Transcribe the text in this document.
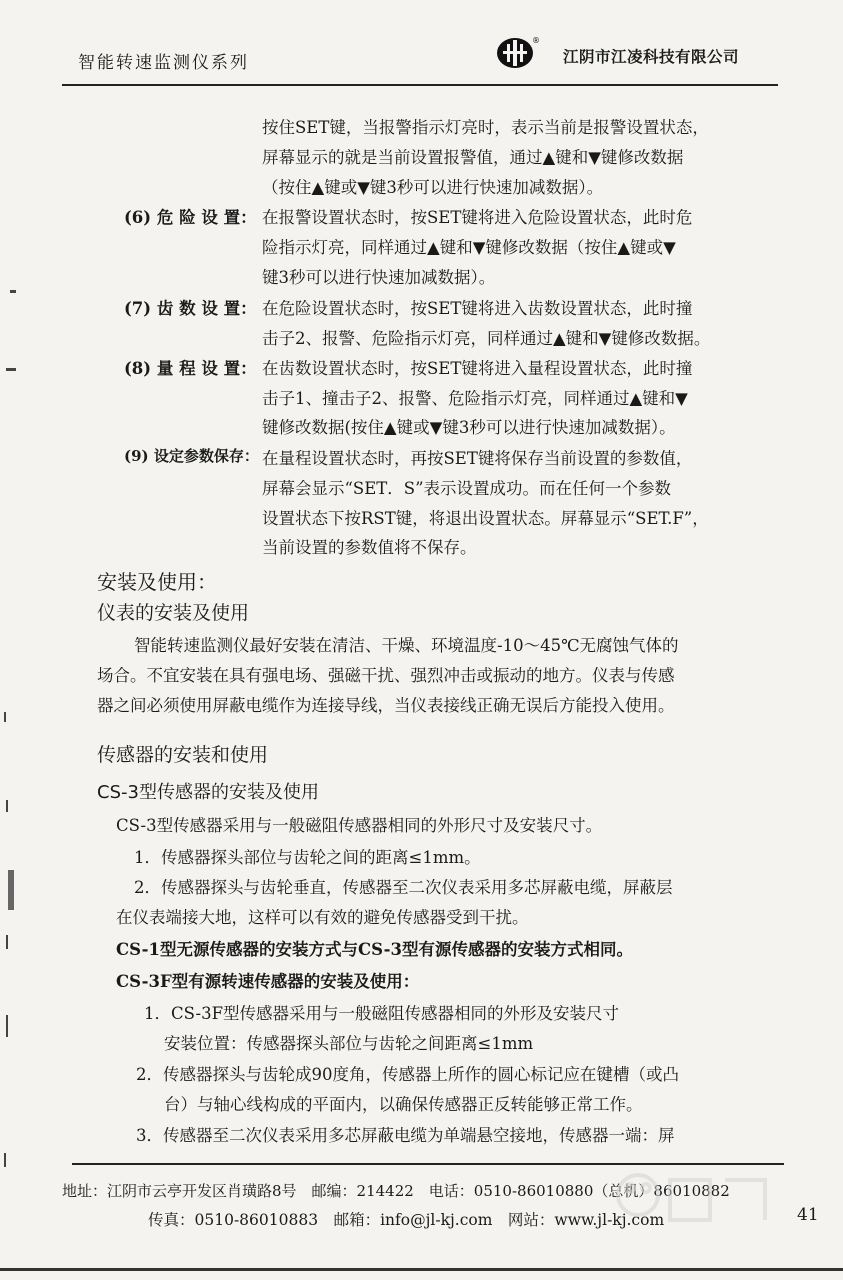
智能转速监测仪系列
®
江阴市江凌科技有限公司
按住SET键，当报警指示灯亮时，表示当前是报警设置状态，
屏幕显示的就是当前设置报警值，通过▲键和▼键修改数据
（按住▲键或▼键3秒可以进行快速加减数据）。
(6) 危 险 设 置： 在报警设置状态时，按SET键将进入危险设置状态，此时危
险指示灯亮，同样通过▲键和▼键修改数据（按住▲键或▼
键3秒可以进行快速加减数据）。
(7) 齿 数 设 置： 在危险设置状态时，按SET键将进入齿数设置状态，此时撞
击子2、报警、危险指示灯亮，同样通过▲键和▼键修改数据。
(8) 量 程 设 置： 在齿数设置状态时，按SET键将进入量程设置状态，此时撞
击子1、撞击子2、报警、危险指示灯亮，同样通过▲键和▼
键修改数据(按住▲键或▼键3秒可以进行快速加减数据）。
(9) 设定参数保存： 在量程设置状态时，再按SET键将保存当前设置的参数值，
屏幕会显示“SET．S”表示设置成功。而在任何一个参数
设置状态下按RST键，将退出设置状态。屏幕显示“SET.F”，
当前设置的参数值将不保存。
安装及使用：
仪表的安装及使用
智能转速监测仪最好安装在清洁、干燥、环境温度-10～45℃无腐蚀气体的
场合。不宜安装在具有强电场、强磁干扰、强烈冲击或振动的地方。仪表与传感
器之间必须使用屏蔽电缆作为连接导线，当仪表接线正确无误后方能投入使用。
传感器的安装和使用
CS-3型传感器的安装及使用
CS-3型传感器采用与一般磁阻传感器相同的外形尺寸及安装尺寸。
1．传感器探头部位与齿轮之间的距离≤1mm。
2．传感器探头与齿轮垂直，传感器至二次仪表采用多芯屏蔽电缆，屏蔽层
在仪表端接大地，这样可以有效的避免传感器受到干扰。
CS-1型无源传感器的安装方式与CS-3型有源传感器的安装方式相同。
CS-3F型有源转速传感器的安装及使用：
1．CS-3F型传感器采用与一般磁阻传感器相同的外形及安装尺寸
安装位置：传感器探头部位与齿轮之间距离≤1mm
2．传感器探头与齿轮成90度角，传感器上所作的圆心标记应在键槽（或凸
台）与轴心线构成的平面内，以确保传感器正反转能够正常工作。
3．传感器至二次仪表采用多芯屏蔽电缆为单端悬空接地，传感器一端：屏
地址：江阴市云亭开发区肖璜路8号　邮编：214422　电话：0510-86010880（总机）86010882
传真：0510-86010883　邮箱：info@jl-kj.com　网站：www.jl-kj.com	41
